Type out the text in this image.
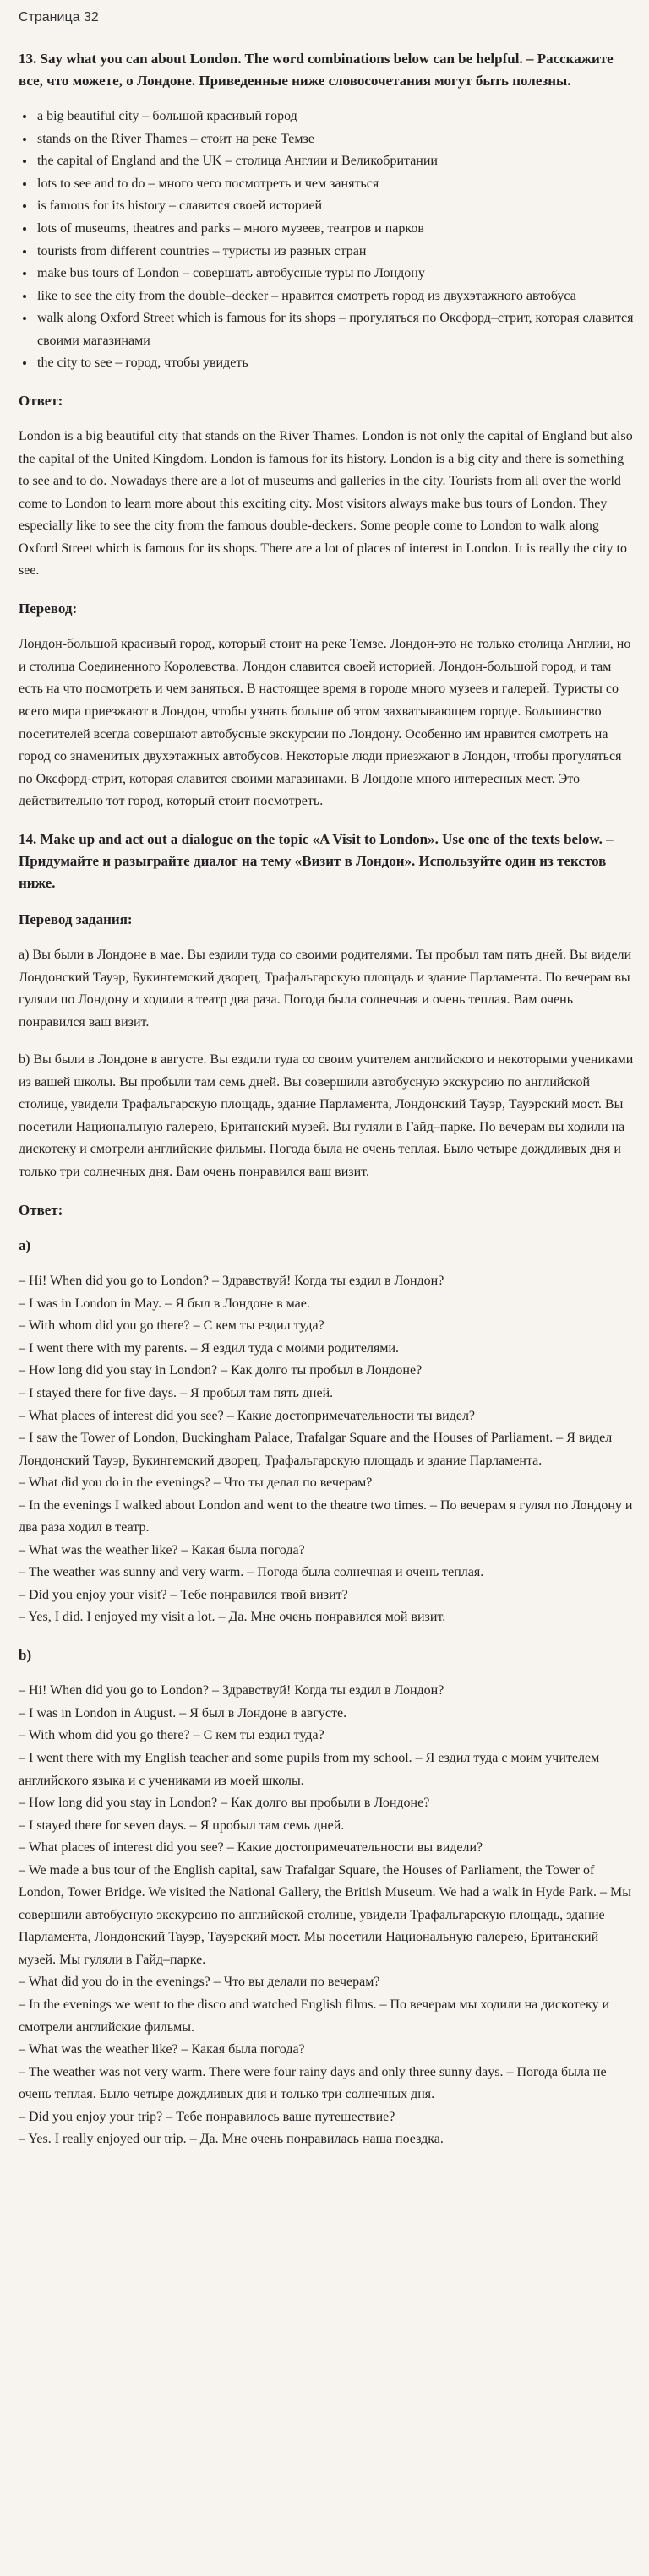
Страница 32
13. Say what you can about London. The word combinations below can be helpful. – Расскажите все, что можете, о Лондоне. Приведенные ниже словосочетания могут быть полезны.
• a big beautiful city – большой красивый город
• stands on the River Thames – стоит на реке Темзе
• the capital of England and the UK – столица Англии и Великобритании
• lots to see and to do – много чего посмотреть и чем заняться
• is famous for its history – славится своей историей
• lots of museums, theatres and parks – много музеев, театров и парков
• tourists from different countries – туристы из разных стран
• make bus tours of London – совершать автобусные туры по Лондону
• like to see the city from the double–decker – нравится смотреть город из двухэтажного автобуса
• walk along Oxford Street which is famous for its shops – прогуляться по Оксфорд–стрит, которая славится своими магазинами
• the city to see – город, чтобы увидеть
Ответ:

London is a big beautiful city that stands on the River Thames. London is not only the capital of England but also the capital of the United Kingdom. London is famous for its history. London is a big city and there is something to see and to do. Nowadays there are a lot of museums and galleries in the city. Tourists from all over the world come to London to learn more about this exciting city. Most visitors always make bus tours of London. They especially like to see the city from the famous double-deckers. Some people come to London to walk along Oxford Street which is famous for its shops. There are a lot of places of interest in London. It is really the city to see.

Перевод:

Лондон-большой красивый город, который стоит на реке Темзе. Лондон-это не только столица Англии, но и столица Соединенного Королевства. Лондон славится своей историей. Лондон-большой город, и там есть на что посмотреть и чем заняться. В настоящее время в городе много музеев и галерей. Туристы со всего мира приезжают в Лондон, чтобы узнать больше об этом захватывающем городе. Большинство посетителей всегда совершают автобусные экскурсии по Лондону. Особенно им нравится смотреть на город со знаменитых двухэтажных автобусов. Некоторые люди приезжают в Лондон, чтобы прогуляться по Оксфорд-стрит, которая славится своими магазинами. В Лондоне много интересных мест. Это действительно тот город, который стоит посмотреть.

14. Make up and act out a dialogue on the topic «A Visit to London». Use one of the texts below. – Придумайте и разыграйте диалог на тему «Визит в Лондон». Используйте один из текстов ниже.
Перевод задания:

а) Вы были в Лондоне в мае. Вы ездили туда со своими родителями. Ты пробыл там пять дней. Вы видели Лондонский Тауэр, Букингемский дворец, Трафальгарскую площадь и здание Парламента. По вечерам вы гуляли по Лондону и ходили в театр два раза. Погода была солнечная и очень теплая. Вам очень понравился ваш визит.

b) Вы были в Лондоне в августе. Вы ездили туда со своим учителем английского и некоторыми учениками из вашей школы. Вы пробыли там семь дней. Вы совершили автобусную экскурсию по английской столице, увидели Трафальгарскую площадь, здание Парламента, Лондонский Тауэр, Тауэрский мост. Вы посетили Национальную галерею, Британский музей. Вы гуляли в Гайд–парке. По вечерам вы ходили на дискотеку и смотрели английские фильмы. Погода была не очень теплая. Было четыре дождливых дня и только три солнечных дня. Вам очень понравился ваш визит.

Ответ:
a)
– Hi! When did you go to London? – Здравствуй! Когда ты ездил в Лондон?
– I was in London in May. – Я был в Лондоне в мае.
– With whom did you go there? – С кем ты ездил туда?
– I went there with my parents. – Я ездил туда с моими родителями.
– How long did you stay in London? – Как долго ты пробыл в Лондоне?
– I stayed there for five days. – Я пробыл там пять дней.
– What places of interest did you see? – Какие достопримечательности ты видел?
– I saw the Tower of London, Buckingham Palace, Trafalgar Square and the Houses of Parliament. – Я видел Лондонский Тауэр, Букингемский дворец, Трафальгарскую площадь и здание Парламента.
– What did you do in the evenings? – Что ты делал по вечерам?
– In the evenings I walked about London and went to the theatre two times. – По вечерам я гулял по Лондону и два раза ходил в театр.
– What was the weather like? – Какая была погода?
– The weather was sunny and very warm. – Погода была солнечная и очень теплая.
– Did you enjoy your visit? – Тебе понравился твой визит?
– Yes, I did. I enjoyed my visit a lot. – Да. Мне очень понравился мой визит.
b)
– Hi! When did you go to London? – Здравствуй! Когда ты ездил в Лондон?
– I was in London in August. – Я был в Лондоне в августе.
– With whom did you go there? – С кем ты ездил туда?
– I went there with my English teacher and some pupils from my school. – Я ездил туда с моим учителем английского языка и с учениками из моей школы.
– How long did you stay in London? – Как долго вы пробыли в Лондоне?
– I stayed there for seven days. – Я пробыл там семь дней.
– What places of interest did you see? – Какие достопримечательности вы видели?
– We made a bus tour of the English capital, saw Trafalgar Square, the Houses of Parliament, the Tower of London, Tower Bridge. We visited the National Gallery, the British Museum. We had a walk in Hyde Park. – Мы совершили автобусную экскурсию по английской столице, увидели Трафальгарскую площадь, здание Парламента, Лондонский Тауэр, Тауэрский мост. Мы посетили Национальную галерею, Британский музей. Мы гуляли в Гайд–парке.
– What did you do in the evenings? – Что вы делали по вечерам?
– In the evenings we went to the disco and watched English films. – По вечерам мы ходили на дискотеку и смотрели английские фильмы.
– What was the weather like? – Какая была погода?
– The weather was not very warm. There were four rainy days and only three sunny days. – Погода была не очень теплая. Было четыре дождливых дня и только три солнечных дня.
– Did you enjoy your trip? – Тебе понравилось ваше путешествие?
– Yes. I really enjoyed our trip. – Да. Мне очень понравилась наша поездка.
